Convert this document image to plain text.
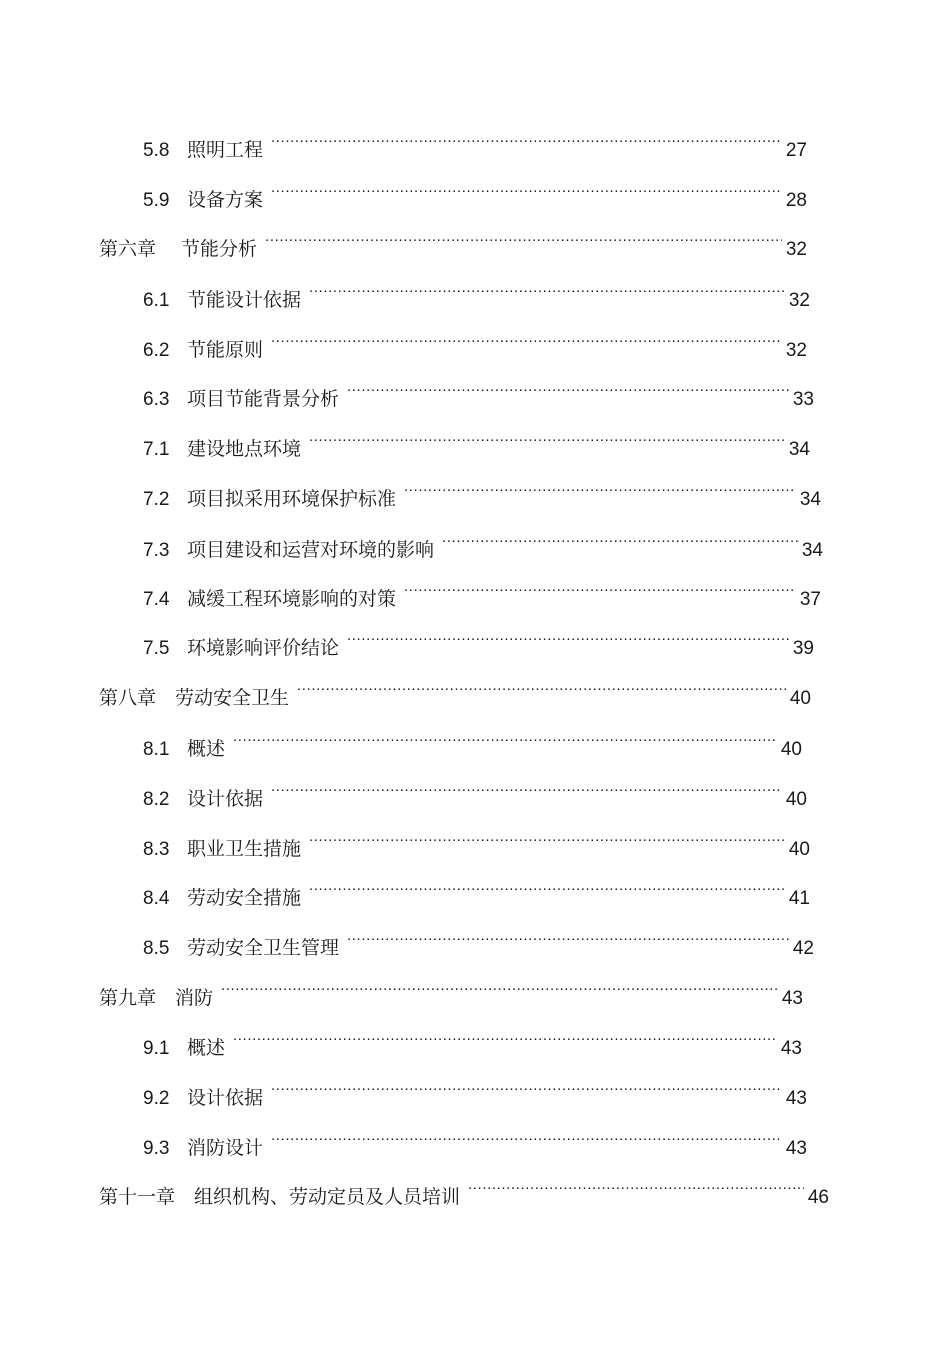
5.8 照明工程 .....	27
5.9 设备方案 .....	28
第六章　 节能分析 .....	32
6.1 节能设计依据 .....	32
6.2 节能原则 .....	32
6.3 项目节能背景分析 .....	33
7.1 建设地点环境 .....	34
7.2 项目拟采用环境保护标准 .....	34
7.3 项目建设和运营对环境的影响 .....	34
7.4 减缓工程环境影响的对策 .....	37
7.5 环境影响评价结论 .....	39
第八章　劳动安全卫生 .....	40
8.1 概述 .....	40
8.2 设计依据 .....	40
8.3 职业卫生措施 .....	40
8.4 劳动安全措施 .....	41
8.5 劳动安全卫生管理 .....	42
第九章　消防 .....	43
9.1 概述 .....	43
9.2 设计依据 .....	43
9.3 消防设计 .....	43
第十一章　组织机构、劳动定员及人员培训 .....	46
